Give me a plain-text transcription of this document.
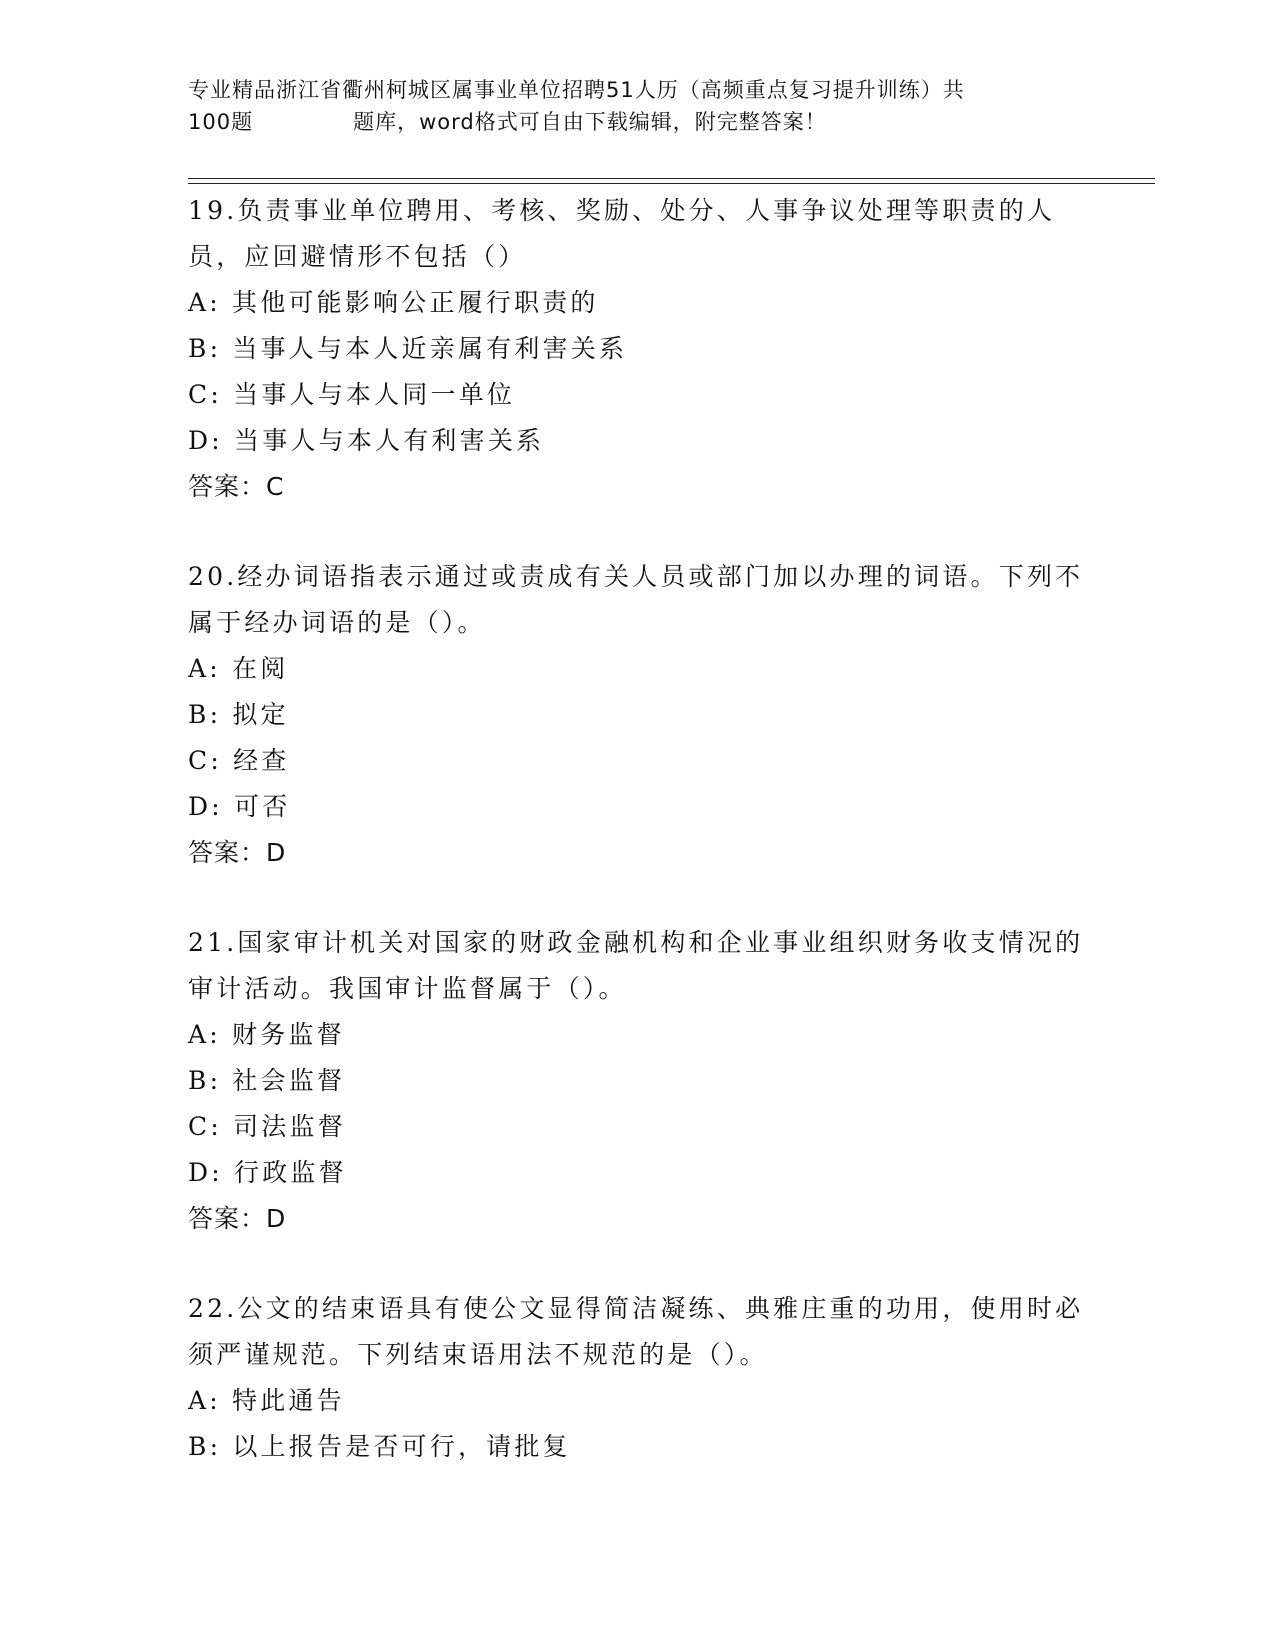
专业精品浙江省衢州柯城区属事业单位招聘51人历（高频重点复习提升训练）共
100题	题库，word格式可自由下载编辑，附完整答案！

19.负责事业单位聘用、考核、奖励、处分、人事争议处理等职责的人员，应回避情形不包括（）

A: 其他可能影响公正履行职责的

B: 当事人与本人近亲属有利害关系

C: 当事人与本人同一单位

D: 当事人与本人有利害关系

答案：C

20.经办词语指表示通过或责成有关人员或部门加以办理的词语。下列不属于经办词语的是（）。

A: 在阅

B: 拟定

C: 经查

D: 可否

答案：D

21.国家审计机关对国家的财政金融机构和企业事业组织财务收支情况的审计活动。我国审计监督属于（）。

A: 财务监督

B: 社会监督

C: 司法监督

D: 行政监督

答案：D

22.公文的结束语具有使公文显得简洁凝练、典雅庄重的功用，使用时必须严谨规范。下列结束语用法不规范的是（）。

A: 特此通告

B: 以上报告是否可行，请批复
